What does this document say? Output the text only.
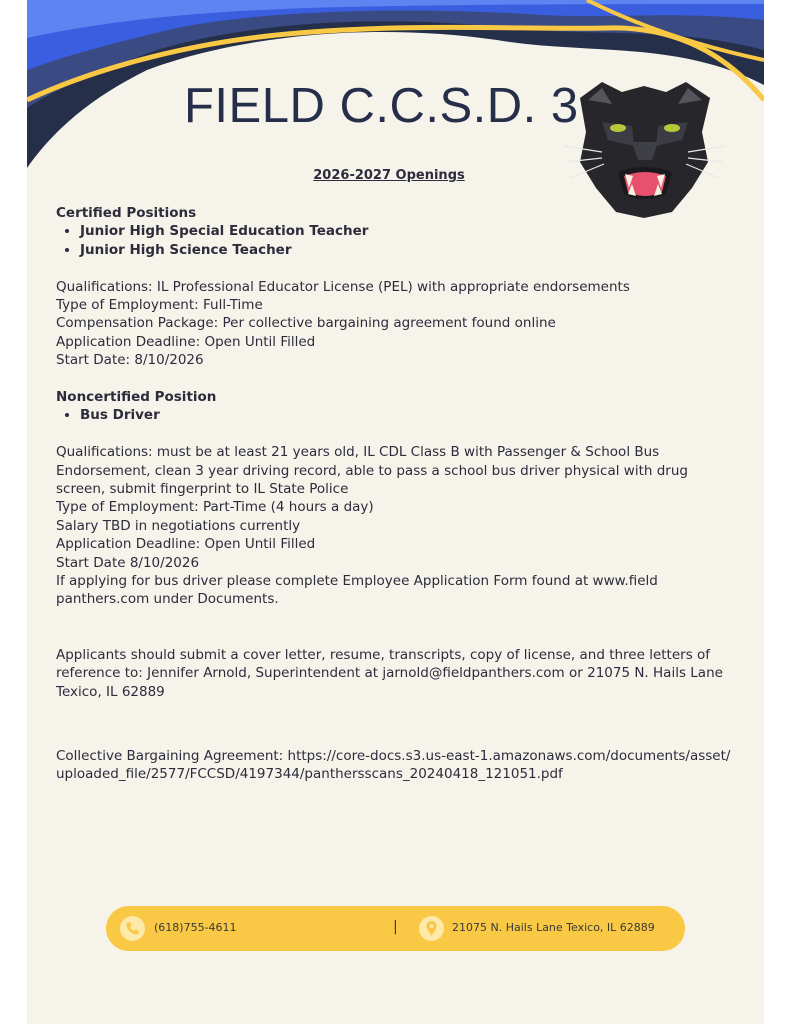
FIELD C.C.S.D. 3
2026-2027 Openings

Certified Positions

• Junior High Special Education Teacher
• Junior High Science Teacher

Qualifications: IL Professional Educator License (PEL) with appropriate endorsements

Type of Employment: Full-Time

Compensation Package: Per collective bargaining agreement found online

Application Deadline: Open Until Filled

Start Date: 8/10/2026

Noncertified Position

• Bus Driver

Qualifications: must be at least 21 years old, IL CDL Class B with Passenger & School Bus Endorsement, clean 3 year driving record, able to pass a school bus driver physical with drug screen, submit fingerprint to IL State Police

Type of Employment: Part-Time (4 hours a day)

Salary TBD in negotiations currently

Application Deadline: Open Until Filled

Start Date 8/10/2026

If applying for bus driver please complete Employee Application Form found at www.field panthers.com under Documents.

Applicants should submit a cover letter, resume, transcripts, copy of license, and three letters of reference to: Jennifer Arnold, Superintendent at jarnold@fieldpanthers.com or 21075 N. Hails Lane Texico, IL 62889

Collective Bargaining Agreement: https://core-docs.s3.us-east-1.amazonaws.com/documents/asset/uploaded_file/2577/FCCSD/4197344/panthersscans_20240418_121051.pdf

(618)755-4611	|	21075 N. Hails Lane Texico, IL 62889
